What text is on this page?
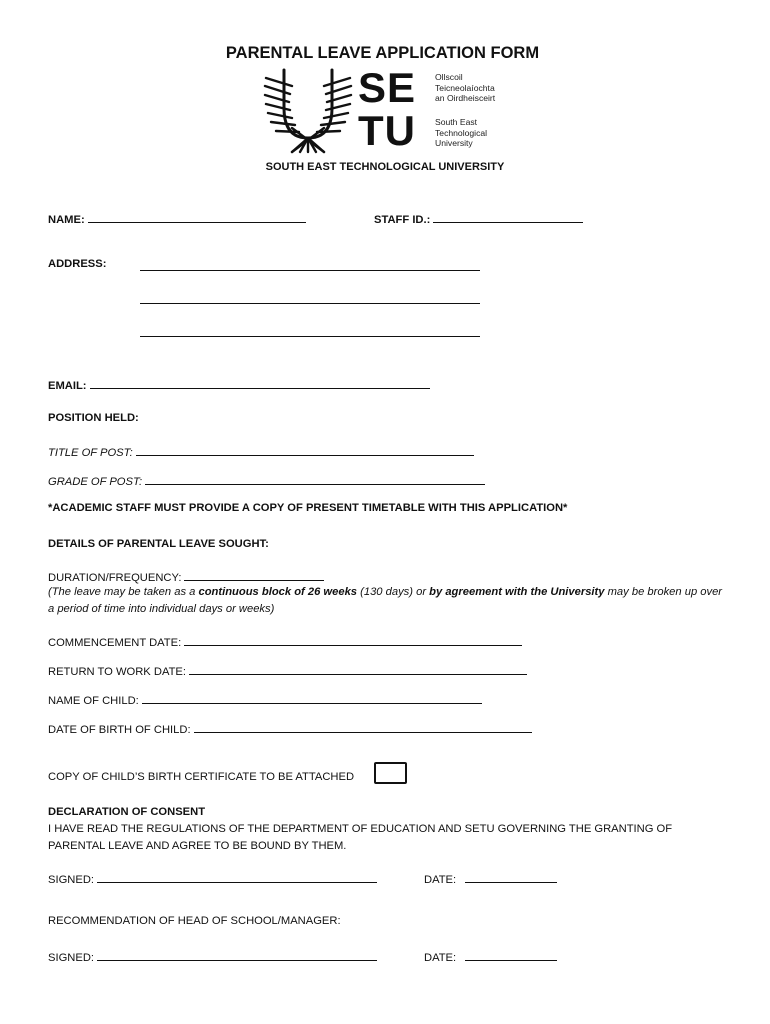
PARENTAL LEAVE APPLICATION FORM
SE
TU
Ollscoil
Teicneolaíochta
an Oirdheisceirt
South East
Technological
University
SOUTH EAST TECHNOLOGICAL UNIVERSITY
NAME:	STAFF ID.:
ADDRESS:
EMAIL:
POSITION HELD:
TITLE OF POST:
GRADE OF POST:
*ACADEMIC STAFF MUST PROVIDE A COPY OF PRESENT TIMETABLE WITH THIS APPLICATION*
DETAILS OF PARENTAL LEAVE SOUGHT:
DURATION/FREQUENCY:
(The leave may be taken as a continuous block of 26 weeks (130 days) or by agreement with the University may be broken up over a period of time into individual days or weeks)
COMMENCEMENT DATE:
RETURN TO WORK DATE:
NAME OF CHILD:
DATE OF BIRTH OF CHILD:
COPY OF CHILD’S BIRTH CERTIFICATE TO BE ATTACHED
DECLARATION OF CONSENT
I HAVE READ THE REGULATIONS OF THE DEPARTMENT OF EDUCATION AND SETU GOVERNING THE GRANTING OF PARENTAL LEAVE AND AGREE TO BE BOUND BY THEM.
SIGNED:	DATE:
RECOMMENDATION OF HEAD OF SCHOOL/MANAGER:
SIGNED:	DATE:
